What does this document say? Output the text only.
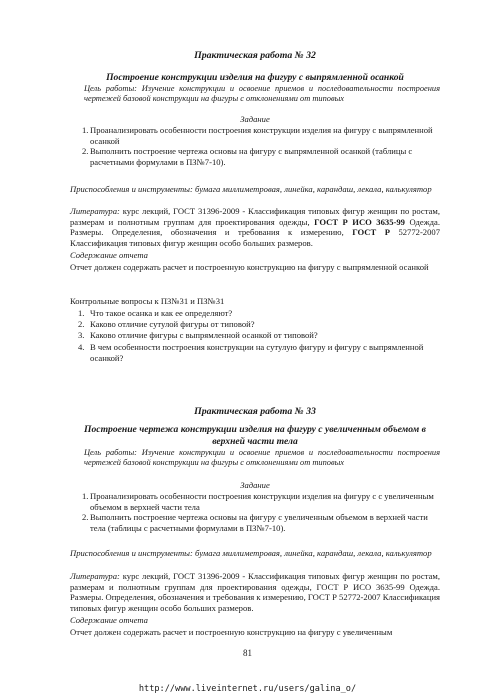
Практическая работа № 32
Построение конструкции изделия на фигуру с выпрямленной осанкой
Цель работы: Изучение конструкции и освоение приемов и последовательности построения чертежей базовой конструкции на фигуры с отклонениями от типовых
Задание
1. Проанализировать особенности построения конструкции изделия на фигуру с выпрямленной осанкой
2. Выполнить построение чертежа основы на фигуру с выпрямленной осанкой (таблицы с расчетными формулами в ПЗ№7-10).
Приспособления и инструменты: бумага миллиметровая, линейка, карандаш, лекала, калькулятор
Литература: курс лекций, ГОСТ 31396-2009 - Классификация типовых фигур женщин по ростам, размерам и полнотным группам для проектирования одежды, ГОСТ Р ИСО 3635-99 Одежда. Размеры. Определения, обозначения и требования к измерению, ГОСТ Р 52772-2007 Классификация типовых фигур женщин особо больших размеров.
Содержание отчета
Отчет должен содержать расчет и построенную конструкцию на фигуру с выпрямленной осанкой
Контрольные вопросы к ПЗ№31 и ПЗ№31
1. Что такое осанка и как ее определяют?
2. Каково отличие сутулой фигуры от типовой?
3. Каково отличие фигуры с выпрямленной осанкой от типовой?
4. В чем особенности построения конструкции на сутулую фигуру и фигуру с выпрямленной осанкой?
Практическая работа № 33
Построение чертежа конструкции изделия на фигуру с увеличенным объемом в верхней части тела
Цель работы: Изучение конструкции и освоение приемов и последовательности построения чертежей базовой конструкции на фигуры с отклонениями от типовых
Задание
1. Проанализировать особенности построения конструкции изделия на фигуру с с увеличенным объемом в верхней части тела
2. Выполнить построение чертежа основы на фигуру с увеличенным объемом в верхней части тела (таблицы с расчетными формулами в ПЗ№7-10).
Приспособления и инструменты: бумага миллиметровая, линейка, карандаш, лекала, калькулятор
Литература: курс лекций, ГОСТ 31396-2009 - Классификация типовых фигур женщин по ростам, размерам и полнотным группам для проектирования одежды, ГОСТ Р ИСО 3635-99 Одежда. Размеры. Определения, обозначения и требования к измерению, ГОСТ Р 52772-2007 Классификация типовых фигур женщин особо больших размеров.
Содержание отчета
Отчет должен содержать расчет и построенную конструкцию на фигуру с увеличенным
81
http://www.liveinternet.ru/users/galina_o/
